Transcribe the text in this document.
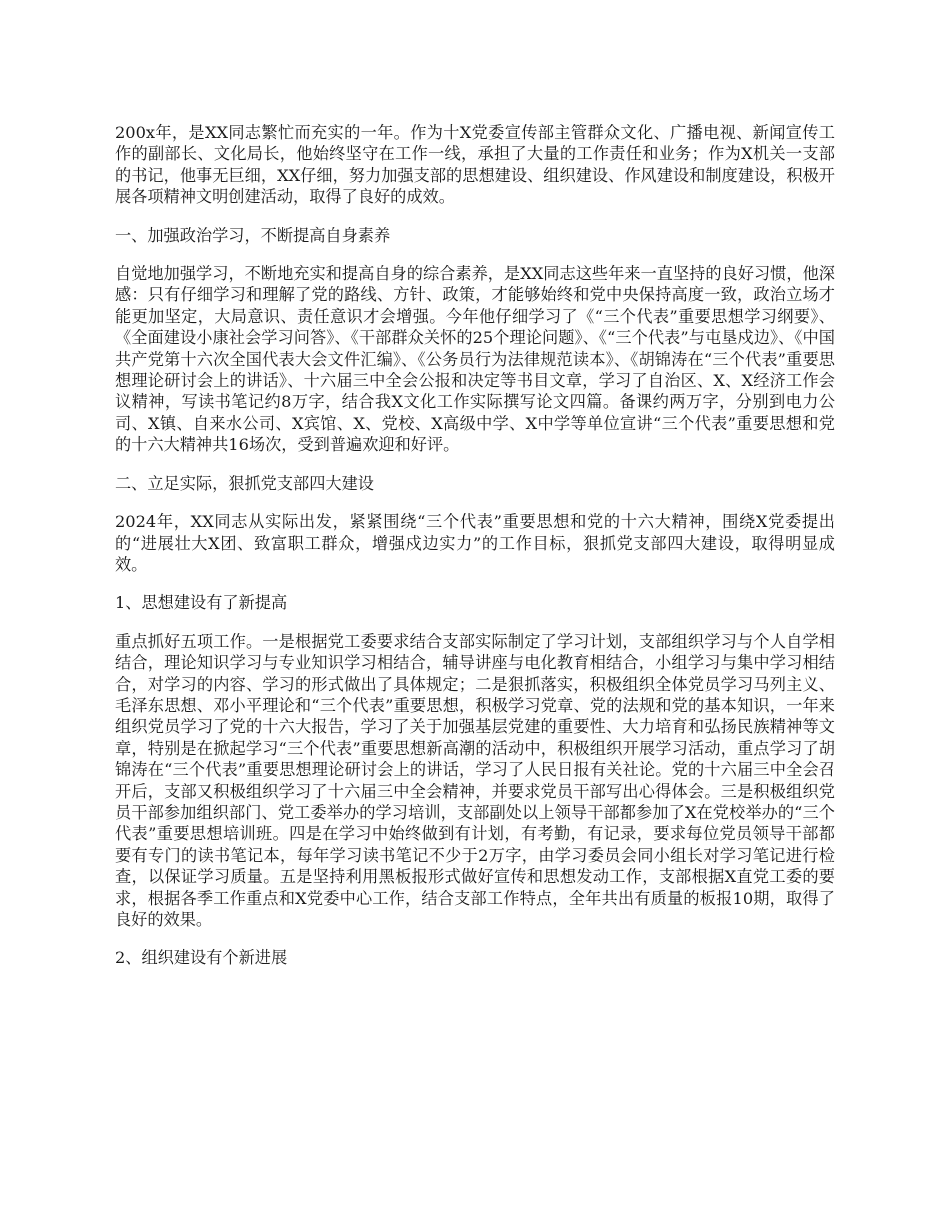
200x年，是XX同志繁忙而充实的一年。作为十X党委宣传部主管群众文化、广播电视、新闻宣传工作的副部长、文化局长，他始终坚守在工作一线，承担了大量的工作责任和业务；作为X机关一支部的书记，他事无巨细，XX仔细，努力加强支部的思想建设、组织建设、作风建设和制度建设，积极开展各项精神文明创建活动，取得了良好的成效。

一、加强政治学习，不断提高自身素养

自觉地加强学习，不断地充实和提高自身的综合素养，是XX同志这些年来一直坚持的良好习惯，他深感：只有仔细学习和理解了党的路线、方针、政策，才能够始终和党中央保持高度一致，政治立场才能更加坚定，大局意识、责任意识才会增强。今年他仔细学习了《“三个代表”重要思想学习纲要》、《全面建设小康社会学习问答》、《干部群众关怀的25个理论问题》、《“三个代表”与屯垦戍边》、《中国共产党第十六次全国代表大会文件汇编》、《公务员行为法律规范读本》、《胡锦涛在“三个代表”重要思想理论研讨会上的讲话》、十六届三中全会公报和决定等书目文章，学习了自治区、X、X经济工作会议精神，写读书笔记约8万字，结合我X文化工作实际撰写论文四篇。备课约两万字，分别到电力公司、X镇、自来水公司、X宾馆、X、党校、X高级中学、X中学等单位宣讲“三个代表”重要思想和党的十六大精神共16场次，受到普遍欢迎和好评。

二、立足实际，狠抓党支部四大建设

2024年，XX同志从实际出发，紧紧围绕“三个代表”重要思想和党的十六大精神，围绕X党委提出的“进展壮大X团、致富职工群众，增强戍边实力”的工作目标，狠抓党支部四大建设，取得明显成效。

1、思想建设有了新提高

重点抓好五项工作。一是根据党工委要求结合支部实际制定了学习计划，支部组织学习与个人自学相结合，理论知识学习与专业知识学习相结合，辅导讲座与电化教育相结合，小组学习与集中学习相结合，对学习的内容、学习的形式做出了具体规定；二是狠抓落实，积极组织全体党员学习马列主义、毛泽东思想、邓小平理论和“三个代表”重要思想，积极学习党章、党的法规和党的基本知识，一年来组织党员学习了党的十六大报告，学习了关于加强基层党建的重要性、大力培育和弘扬民族精神等文章，特别是在掀起学习“三个代表”重要思想新高潮的活动中，积极组织开展学习活动，重点学习了胡锦涛在“三个代表”重要思想理论研讨会上的讲话，学习了人民日报有关社论。党的十六届三中全会召开后，支部又积极组织学习了十六届三中全会精神，并要求党员干部写出心得体会。三是积极组织党员干部参加组织部门、党工委举办的学习培训，支部副处以上领导干部都参加了X在党校举办的“三个代表”重要思想培训班。四是在学习中始终做到有计划，有考勤，有记录，要求每位党员领导干部都要有专门的读书笔记本，每年学习读书笔记不少于2万字，由学习委员会同小组长对学习笔记进行检查，以保证学习质量。五是坚持利用黑板报形式做好宣传和思想发动工作，支部根据X直党工委的要求，根据各季工作重点和X党委中心工作，结合支部工作特点，全年共出有质量的板报10期，取得了良好的效果。

2、组织建设有个新进展
